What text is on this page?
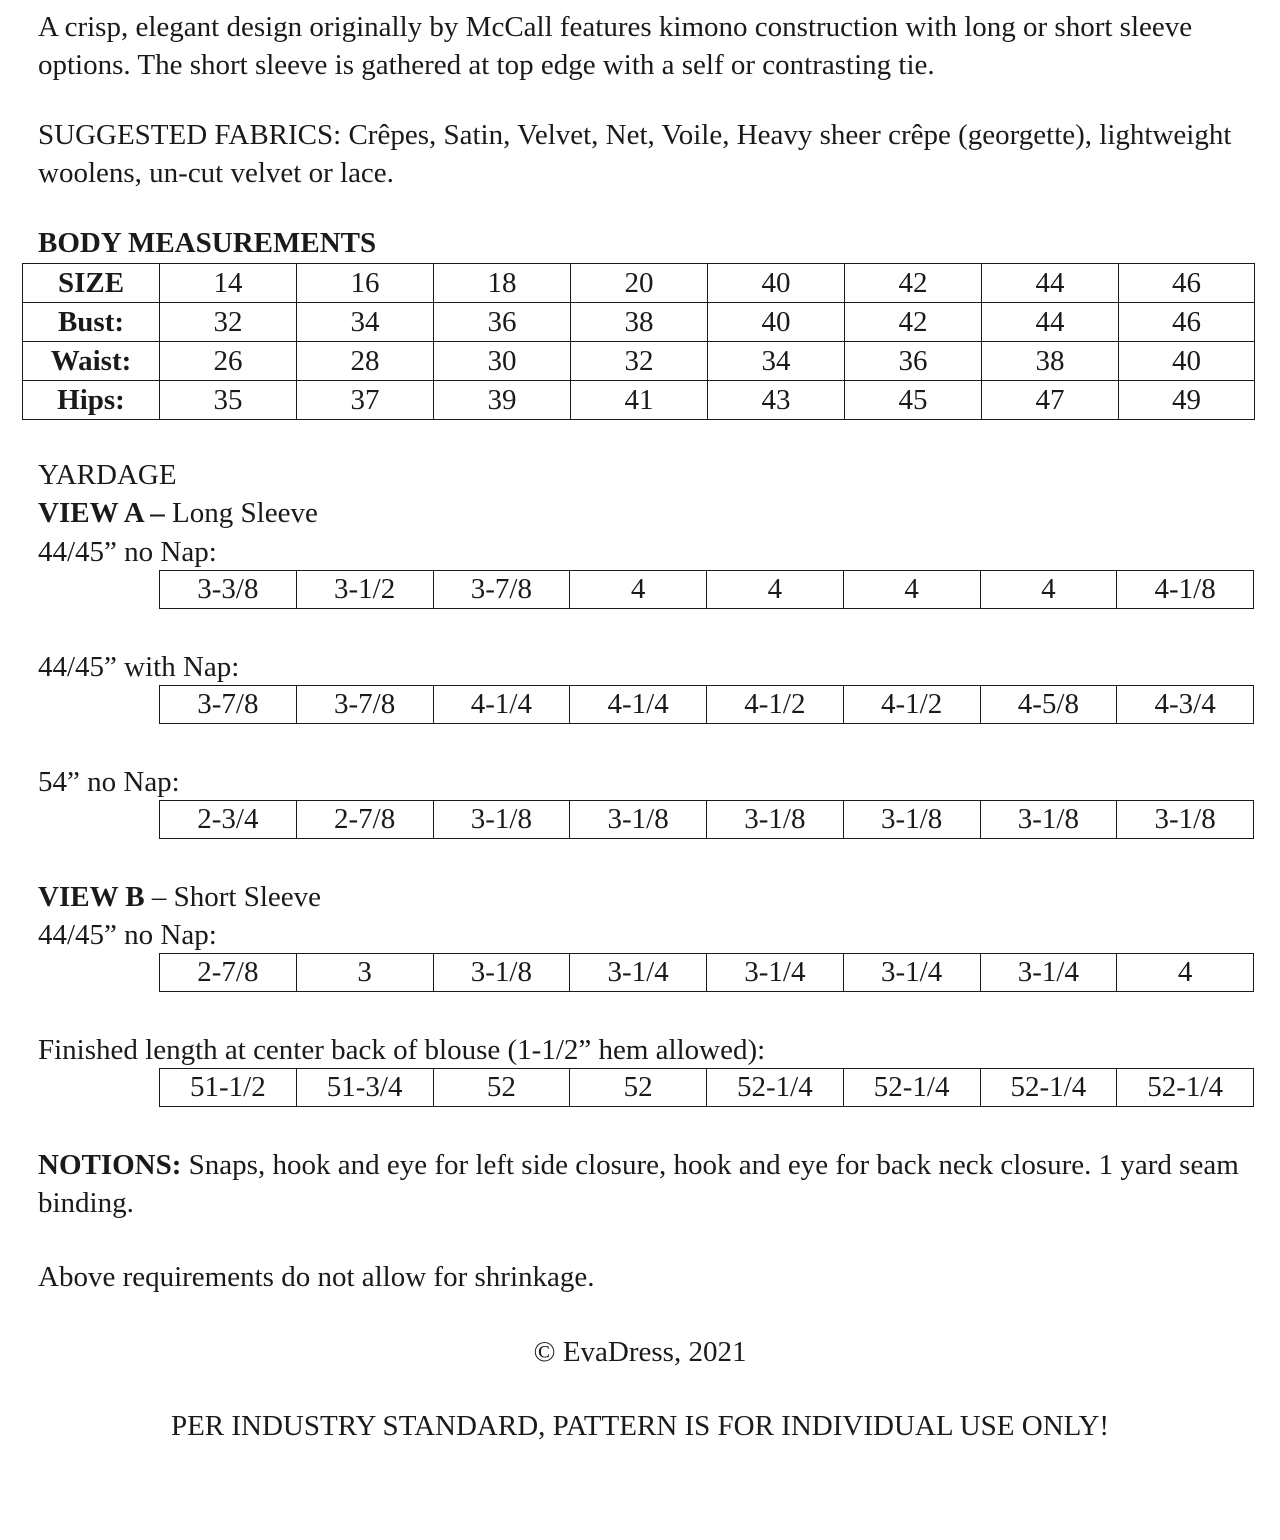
A crisp, elegant design originally by McCall features kimono construction with long or short sleeve options. The short sleeve is gathered at top edge with a self or contrasting tie.

SUGGESTED FABRICS: Crêpes, Satin, Velvet, Net, Voile, Heavy sheer crêpe (georgette), lightweight woolens, un-cut velvet or lace.

BODY MEASUREMENTS

SIZE	14	16	18	20	40	42	44	46
Bust:	32	34	36	38	40	42	44	46
Waist:	26	28	30	32	34	36	38	40
Hips:	35	37	39	41	43	45	47	49

YARDAGE

VIEW A – Long Sleeve

44/45” no Nap:

3-3/8	3-1/2	3-7/8	4	4	4	4	4-1/8

44/45” with Nap:

3-7/8	3-7/8	4-1/4	4-1/4	4-1/2	4-1/2	4-5/8	4-3/4

54” no Nap:

2-3/4	2-7/8	3-1/8	3-1/8	3-1/8	3-1/8	3-1/8	3-1/8

VIEW B – Short Sleeve

44/45” no Nap:

2-7/8	3	3-1/8	3-1/4	3-1/4	3-1/4	3-1/4	4

Finished length at center back of blouse (1-1/2” hem allowed):

51-1/2	51-3/4	52	52	52-1/4	52-1/4	52-1/4	52-1/4

NOTIONS: Snaps, hook and eye for left side closure, hook and eye for back neck closure. 1 yard seam binding.

Above requirements do not allow for shrinkage.

© EvaDress, 2021

PER INDUSTRY STANDARD, PATTERN IS FOR INDIVIDUAL USE ONLY!
